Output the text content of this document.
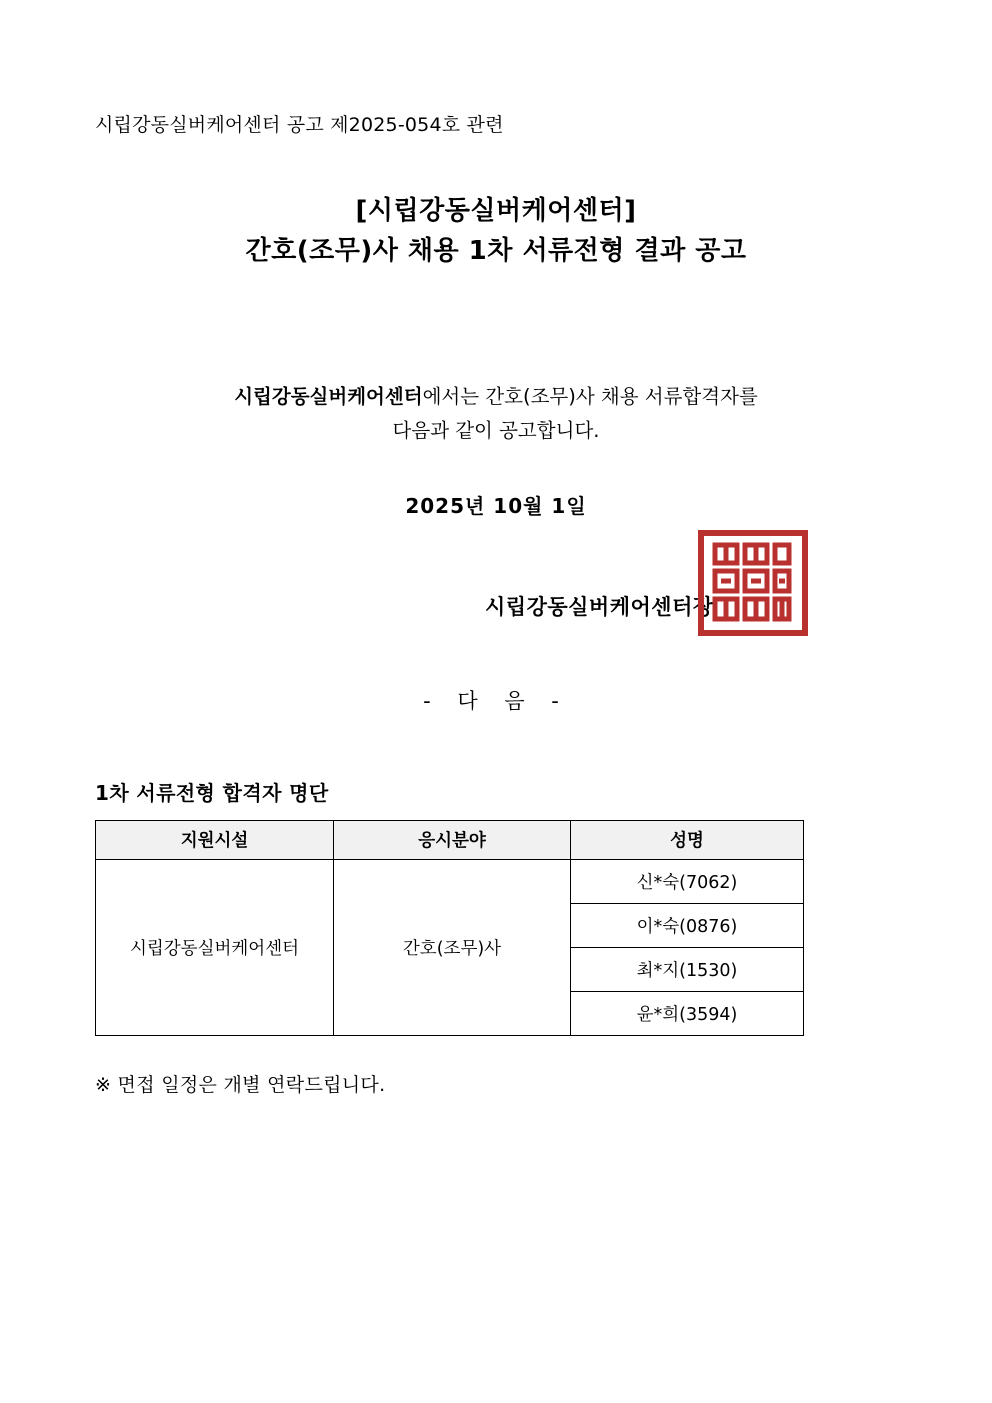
시립강동실버케어센터 공고 제2025-054호 관련
[시립강동실버케어센터]
간호(조무)사 채용 1차 서류전형 결과 공고
시립강동실버케어센터에서는 간호(조무)사 채용 서류합격자를
다음과 같이 공고합니다.
2025년 10월 1일
시립강동실버케어센터장
- 다 음 -
1차 서류전형 합격자 명단
지원시설	응시분야	성명
시립강동실버케어센터	간호(조무)사	신*숙(7062)
		이*숙(0876)
		최*지(1530)
		윤*희(3594)
※ 면접 일정은 개별 연락드립니다.
